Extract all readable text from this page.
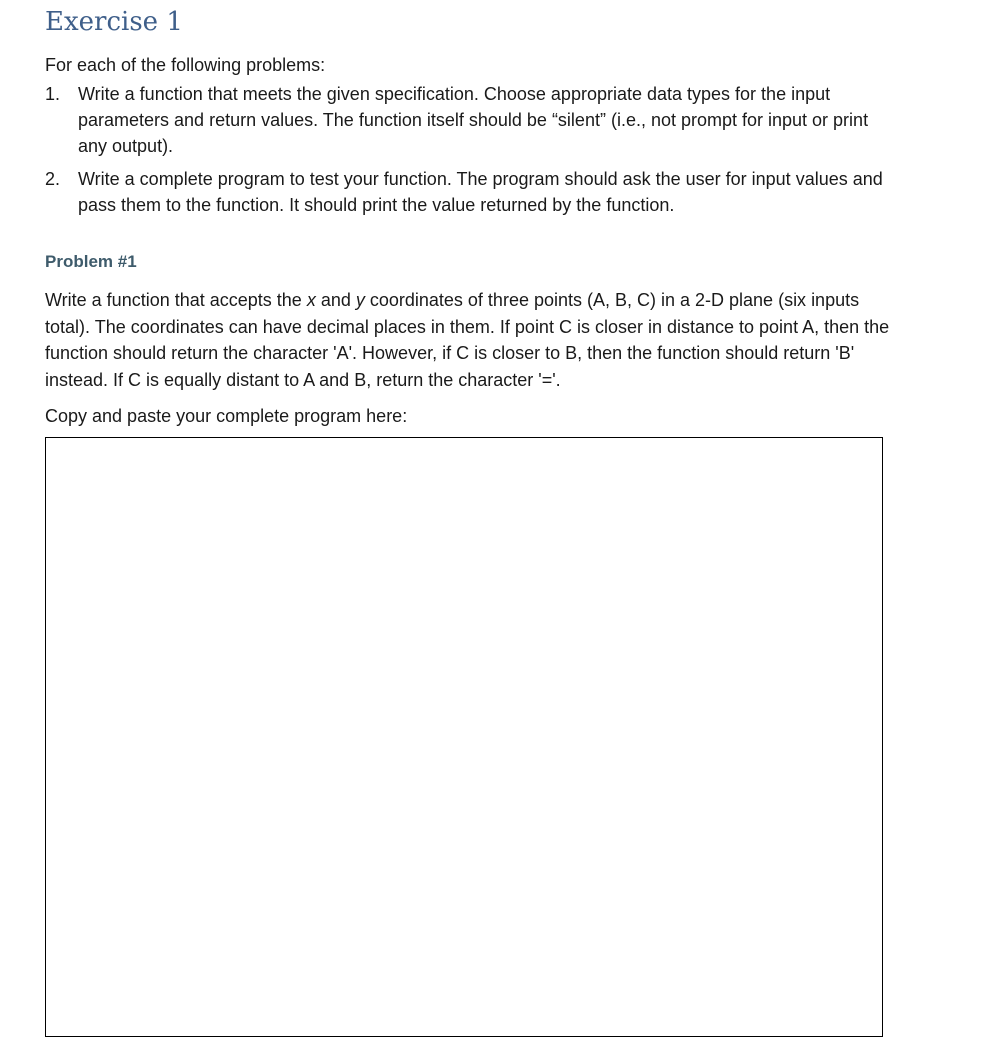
Exercise 1
For each of the following problems:
1. Write a function that meets the given specification. Choose appropriate data types for the input parameters and return values. The function itself should be “silent” (i.e., not prompt for input or print any output).
2. Write a complete program to test your function. The program should ask the user for input values and pass them to the function. It should print the value returned by the function.
Problem #1
Write a function that accepts the x and y coordinates of three points (A, B, C) in a 2-D plane (six inputs total). The coordinates can have decimal places in them. If point C is closer in distance to point A, then the function should return the character 'A'. However, if C is closer to B, then the function should return 'B' instead. If C is equally distant to A and B, return the character '='.
Copy and paste your complete program here:
